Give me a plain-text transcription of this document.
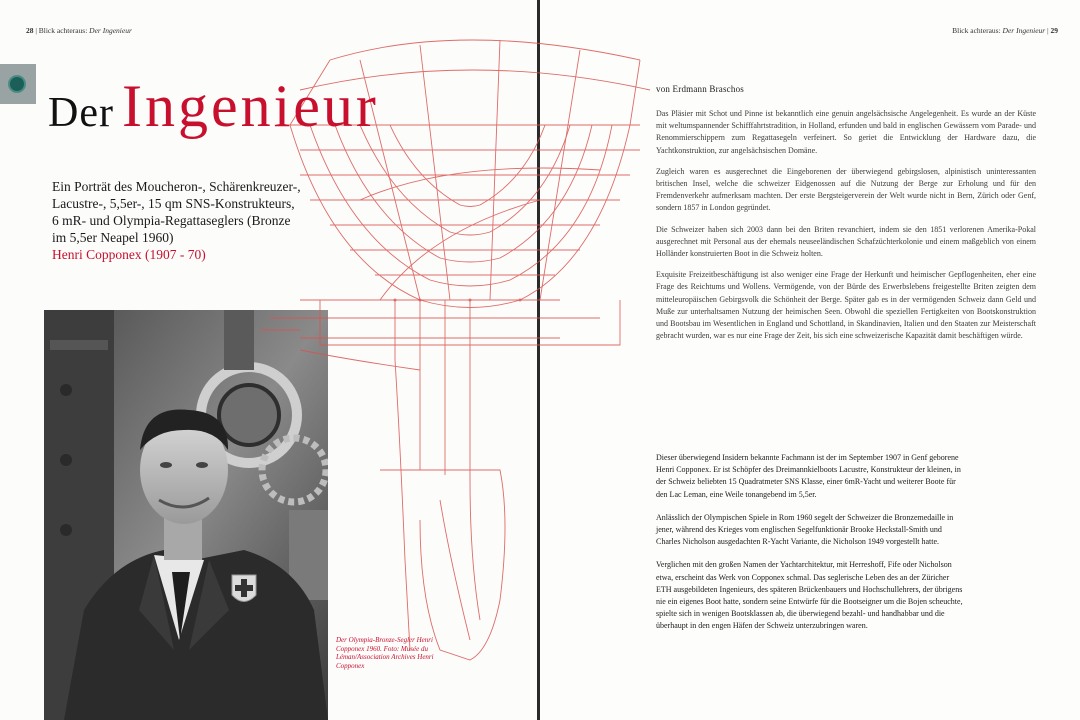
28 | Blick achteraus: Der Ingenieur
Der Olympia-Bronze-Segler Henri Copponex 1960. Foto: Musée du Léman/Association Archives Henri Copponex
Ein Porträt des Moucheron-, Schärenkreuzer-, Lacustre-, 5,5er-, 15 qm SNS-Konstrukteurs, 6 mR- und Olympia-Regattaseglers (Bronze im 5,5er Neapel 1960)
Henri Copponex (1907 - 70)
Blick achteraus: Der Ingenieur | 29
Der Ingenieur	von Erdmann Braschos

Das Pläsier mit Schot und Pinne ist bekanntlich eine genuin angelsächsische Angelegenheit. Es wurde an der Küste mit weltumspannender Schifffahrtstradition, in Holland, erfunden und bald in englischen Gewässern vom Parade- und Renommierschippern zum Regattasegeln verfeinert. So geriet die Entwicklung der Hardware dazu, die Yachtkonstruktion, zur angelsächsischen Domäne.

Zugleich waren es ausgerechnet die Eingeborenen der überwiegend gebirgslosen, alpinistisch uninteressanten britischen Insel, welche die schweizer Eidgenossen auf die Nutzung der Berge zur Erholung und für den Fremdenverkehr aufmerksam machten. Der erste Bergsteigerverein der Welt wurde nicht in Bern, Zürich oder Genf, sondern 1857 in London gegründet.

Die Schweizer haben sich 2003 dann bei den Briten revanchiert, indem sie den 1851 verlorenen Amerika-Pokal ausgerechnet mit Personal aus der ehemals neuseeländischen Schafzüchterkolonie und einem maßgeblich von einem Holländer konstruierten Boot in die Schweiz holten.

Exquisite Freizeitbeschäftigung ist also weniger eine Frage der Herkunft und heimischer Gepflogenheiten, eher eine Frage des Reichtums und Wollens. Vermögende, von der Bürde des Erwerbslebens freigestellte Briten zeigten dem mitteleuropäischen Gebirgsvolk die Schönheit der Berge. Später gab es in der vermögenden Schweiz dann Geld und Muße zur unterhaltsamen Nutzung der heimischen Seen. Obwohl die speziellen Fertigkeiten von Bootskonstruktion und Bootsbau im Wesentlichen in England und Schottland, in Skandinavien, Italien und den Staaten zur Meisterschaft gebracht wurden, war es nur eine Frage der Zeit, bis sich eine schweizerische Kapazität damit beschäftigen würde.

Dieser überwiegend Insidern bekannte Fachmann ist der im September 1907 in Genf geborene Henri Copponex. Er ist Schöpfer des Dreimannkielboots Lacustre, Konstrukteur der kleinen, in der Schweiz beliebten 15 Quadratmeter SNS Klasse, einer 6mR-Yacht und weiterer Boote für den Lac Leman, eine Weile tonangebend im 5,5er.

Anlässlich der Olympischen Spiele in Rom 1960 segelt der Schweizer die Bronzemedaille in jener, während des Krieges vom englischen Segelfunktionär Brooke Heckstall-Smith und Charles Nicholson ausgedachten R-Yacht Variante, die Nicholson 1949 vorgestellt hatte.

Verglichen mit den großen Namen der Yachtarchitektur, mit Herreshoff, Fife oder Nicholson etwa, erscheint das Werk von Copponex schmal. Das seglerische Leben des an der Züricher ETH ausgebildeten Ingenieurs, des späteren Brückenbauers und Hochschullehrers, der übrigens nie ein eigenes Boot hatte, sondern seine Entwürfe für die Bootseigner um die Bojen scheuchte, spielte sich in wenigen Bootsklassen ab, die überwiegend bezahl- und handhabbar und die überhaupt in den engen Häfen der Schweiz unterzubringen waren.
